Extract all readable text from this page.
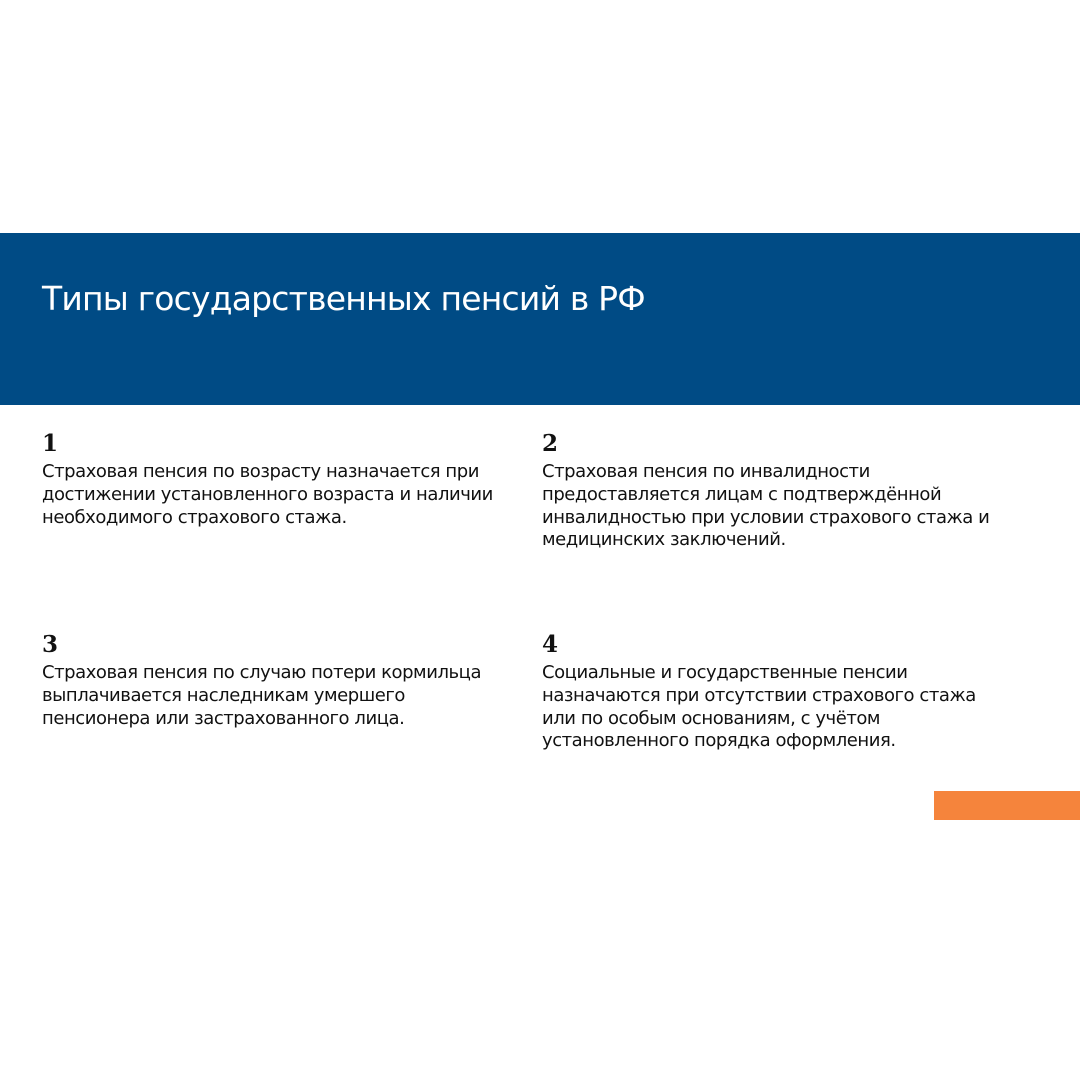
Типы государственных пенсий в РФ
1
Страховая пенсия по возрасту назначается при достижении установленного возраста и наличии необходимого страхового стажа.
2
Страховая пенсия по инвалидности предоставляется лицам с подтверждённой инвалидностью при условии страхового стажа и медицинских заключений.
3
Страховая пенсия по случаю потери кормильца выплачивается наследникам умершего пенсионера или застрахованного лица.
4
Социальные и государственные пенсии назначаются при отсутствии страхового стажа или по особым основаниям, с учётом установленного порядка оформления.
